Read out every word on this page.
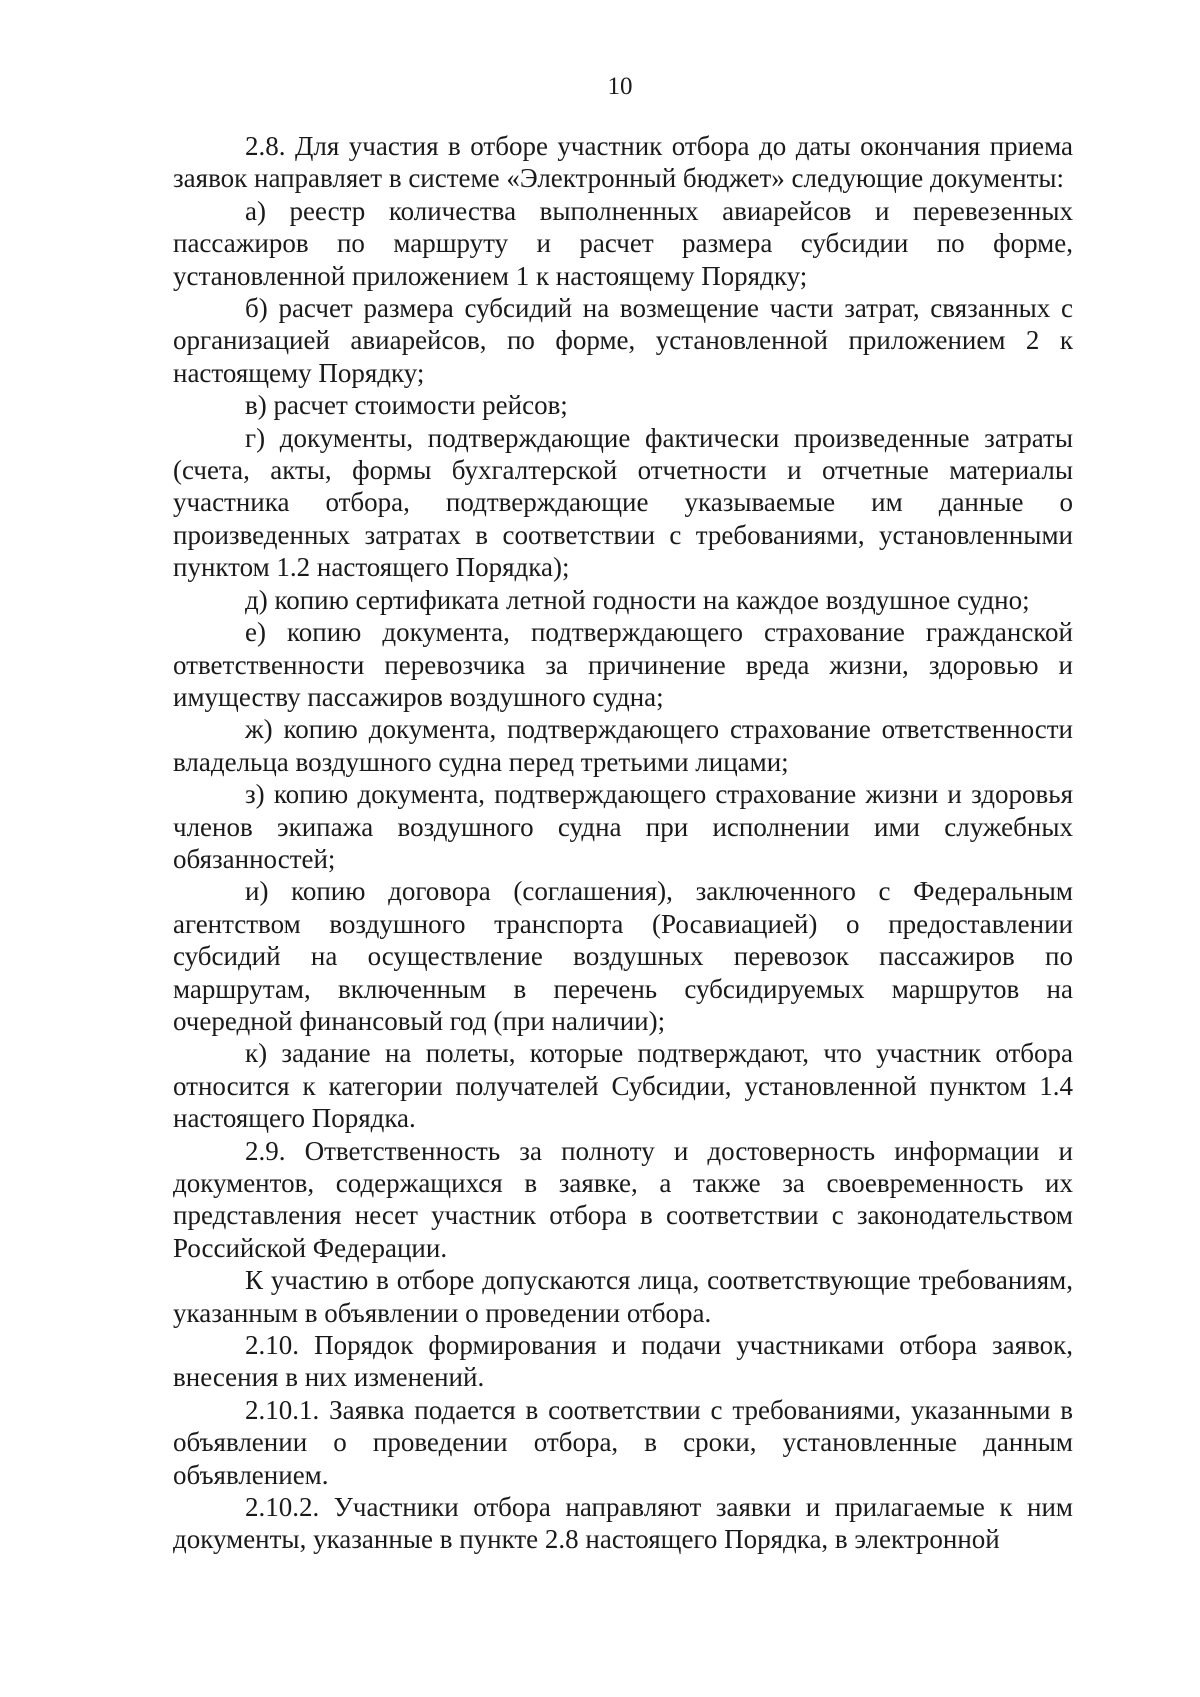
10

2.8. Для участия в отборе участник отбора до даты окончания приема заявок направляет в системе «Электронный бюджет» следующие документы:

а) реестр количества выполненных авиарейсов и перевезенных пассажиров по маршруту и расчет размера субсидии по форме, установленной приложением 1 к настоящему Порядку;

б) расчет размера субсидий на возмещение части затрат, связанных с организацией авиарейсов, по форме, установленной приложением 2 к настоящему Порядку;

в) расчет стоимости рейсов;

г) документы, подтверждающие фактически произведенные затраты (счета, акты, формы бухгалтерской отчетности и отчетные материалы участника отбора, подтверждающие указываемые им данные о произведенных затратах в соответствии с требованиями, установленными пунктом 1.2 настоящего Порядка);

д) копию сертификата летной годности на каждое воздушное судно;

е) копию документа, подтверждающего страхование гражданской ответственности перевозчика за причинение вреда жизни, здоровью и имуществу пассажиров воздушного судна;

ж) копию документа, подтверждающего страхование ответственности владельца воздушного судна перед третьими лицами;

з) копию документа, подтверждающего страхование жизни и здоровья членов экипажа воздушного судна при исполнении ими служебных обязанностей;

и) копию договора (соглашения), заключенного с Федеральным агентством воздушного транспорта (Росавиацией) о предоставлении субсидий на осуществление воздушных перевозок пассажиров по маршрутам, включенным в перечень субсидируемых маршрутов на очередной финансовый год (при наличии);

к) задание на полеты, которые подтверждают, что участник отбора относится к категории получателей Субсидии, установленной пунктом 1.4 настоящего Порядка.

2.9. Ответственность за полноту и достоверность информации и документов, содержащихся в заявке, а также за своевременность их представления несет участник отбора в соответствии с законодательством Российской Федерации.

К участию в отборе допускаются лица, соответствующие требованиям, указанным в объявлении о проведении отбора.

2.10. Порядок формирования и подачи участниками отбора заявок, внесения в них изменений.

2.10.1. Заявка подается в соответствии с требованиями, указанными в объявлении о проведении отбора, в сроки, установленные данным объявлением.

2.10.2. Участники отбора направляют заявки и прилагаемые к ним документы, указанные в пункте 2.8 настоящего Порядка, в электронной
